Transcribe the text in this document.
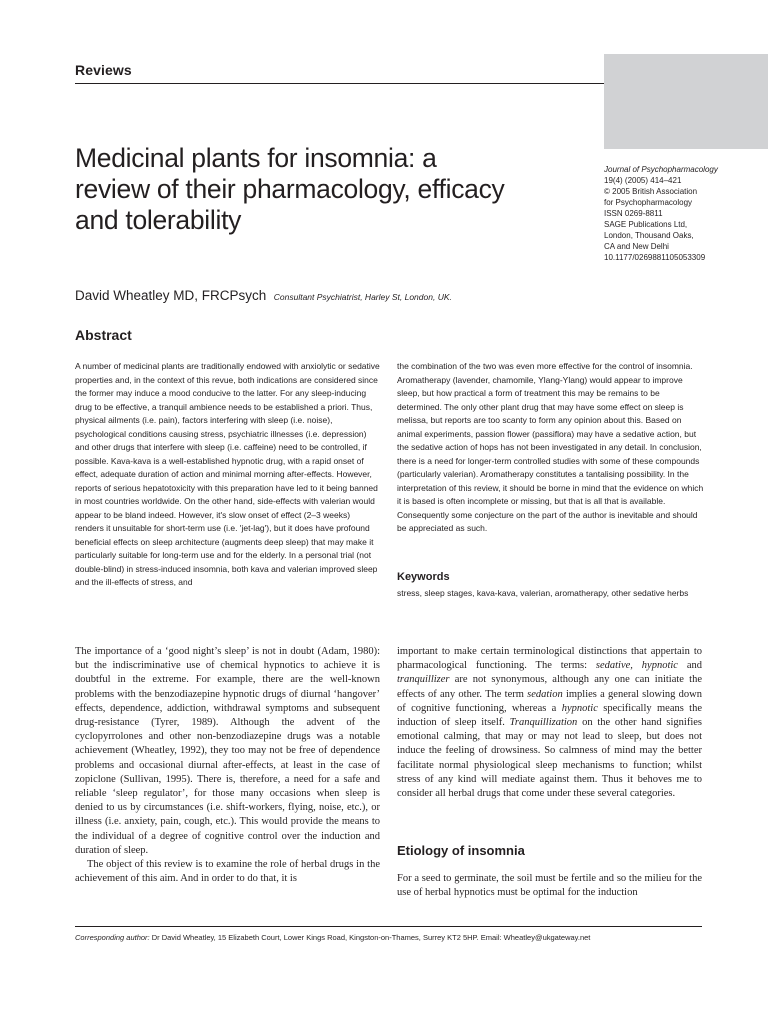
Reviews
Medicinal plants for insomnia: a review of their pharmacology, efficacy and tolerability
Journal of Psychopharmacology
19(4) (2005) 414–421
© 2005 British Association
for Psychopharmacology
ISSN 0269-8811
SAGE Publications Ltd,
London, Thousand Oaks,
CA and New Delhi
10.1177/0269881105053309
David Wheatley MD, FRCPsych Consultant Psychiatrist, Harley St, London, UK.
Abstract
A number of medicinal plants are traditionally endowed with anxiolytic or sedative properties and, in the context of this revue, both indications are considered since the former may induce a mood conducive to the latter. For any sleep-inducing drug to be effective, a tranquil ambience needs to be established a priori. Thus, physical ailments (i.e. pain), factors interfering with sleep (i.e. noise), psychological conditions causing stress, psychiatric illnesses (i.e. depression) and other drugs that interfere with sleep (i.e. caffeine) need to be controlled, if possible. Kava-kava is a well-established hypnotic drug, with a rapid onset of effect, adequate duration of action and minimal morning after-effects. However, reports of serious hepatotoxicity with this preparation have led to it being banned in most countries worldwide. On the other hand, side-effects with valerian would appear to be bland indeed. However, it's slow onset of effect (2–3 weeks) renders it unsuitable for short-term use (i.e. 'jet-lag'), but it does have profound beneficial effects on sleep architecture (augments deep sleep) that may make it particularly suitable for long-term use and for the elderly. In a personal trial (not double-blind) in stress-induced insomnia, both kava and valerian improved sleep and the ill-effects of stress, and
the combination of the two was even more effective for the control of insomnia. Aromatherapy (lavender, chamomile, Ylang-Ylang) would appear to improve sleep, but how practical a form of treatment this may be remains to be determined. The only other plant drug that may have some effect on sleep is melissa, but reports are too scanty to form any opinion about this. Based on animal experiments, passion flower (passiflora) may have a sedative action, but the sedative action of hops has not been investigated in any detail. In conclusion, there is a need for longer-term controlled studies with some of these compounds (particularly valerian). Aromatherapy constitutes a tantalising possibility. In the interpretation of this review, it should be borne in mind that the evidence on which it is based is often incomplete or missing, but that is all that is available. Consequently some conjecture on the part of the author is inevitable and should be appreciated as such.
Keywords
stress, sleep stages, kava-kava, valerian, aromatherapy, other sedative herbs

The importance of a ‘good night’s sleep’ is not in doubt (Adam, 1980): but the indiscriminative use of chemical hypnotics to achieve it is doubtful in the extreme. For example, there are the well-known problems with the benzodiazepine hypnotic drugs of diurnal ‘hangover’ effects, dependence, addiction, withdrawal symptoms and subsequent drug-resistance (Tyrer, 1989). Although the advent of the cyclopyrrolones and other non-benzodiazepine drugs was a notable achievement (Wheatley, 1992), they too may not be free of dependence problems and occasional diurnal after-effects, at least in the case of zopiclone (Sullivan, 1995). There is, therefore, a need for a safe and reliable ‘sleep regulator’, for those many occasions when sleep is denied to us by circumstances (i.e. shift-workers, flying, noise, etc.), or illness (i.e. anxiety, pain, cough, etc.). This would provide the means to the individual of a degree of cognitive control over the induction and duration of sleep.

The object of this review is to examine the role of herbal drugs in the achievement of this aim. And in order to do that, it is

important to make certain terminological distinctions that appertain to pharmacological functioning. The terms: sedative, hypnotic and tranquillizer are not synonymous, although any one can initiate the effects of any other. The term sedation implies a general slowing down of cognitive functioning, whereas a hypnotic specifically means the induction of sleep itself. Tranquillization on the other hand signifies emotional calming, that may or may not lead to sleep, but does not induce the feeling of drowsiness. So calmness of mind may the better facilitate normal physiological sleep mechanisms to function; whilst stress of any kind will mediate against them. Thus it behoves me to consider all herbal drugs that come under these several categories.

Etiology of insomnia

For a seed to germinate, the soil must be fertile and so the milieu for the use of herbal hypnotics must be optimal for the induction

Corresponding author: Dr David Wheatley, 15 Elizabeth Court, Lower Kings Road, Kingston-on-Thames, Surrey KT2 5HP. Email: Wheatley@ukgateway.net
